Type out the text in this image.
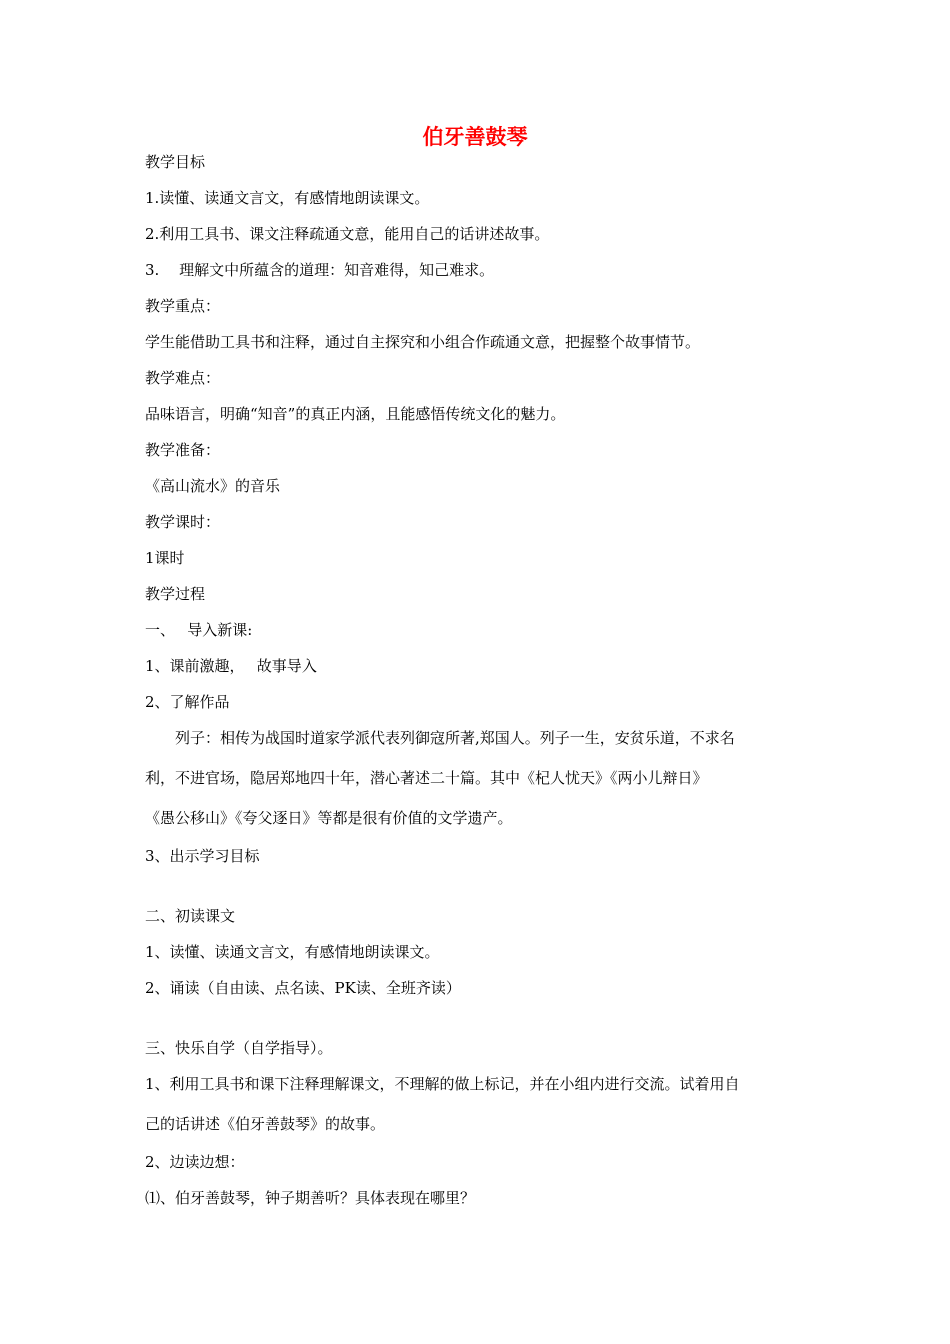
伯牙善鼓琴
教学目标
1.读懂、读通文言文，有感情地朗读课文。
2.利用工具书、课文注释疏通文意，能用自己的话讲述故事。
3.　 理解文中所蕴含的道理：知音难得，知己难求。
教学重点：
学生能借助工具书和注释，通过自主探究和小组合作疏通文意，把握整个故事情节。
教学难点：
品味语言，明确“知音”的真正内涵，且能感悟传统文化的魅力。
教学准备：
《高山流水》的音乐
教学课时：
1课时
教学过程
一、　 导入新课:
1、课前激趣，　 故事导入
2、了解作品
　　列子：相传为战国时道家学派代表列御寇所著,郑国人。列子一生，安贫乐道，不求名
利，不进官场，隐居郑地四十年，潜心著述二十篇。其中《杞人忧天》《两小儿辩日》
《愚公移山》《夸父逐日》等都是很有价值的文学遗产。
3、出示学习目标
二、初读课文
1、读懂、读通文言文，有感情地朗读课文。
2、诵读（自由读、点名读、PK读、全班齐读）
三、快乐自学（自学指导）。
1、利用工具书和课下注释理解课文，不理解的做上标记，并在小组内进行交流。试着用自
己的话讲述《伯牙善鼓琴》的故事。
2、边读边想：
⑴、伯牙善鼓琴，钟子期善听？具体表现在哪里？
